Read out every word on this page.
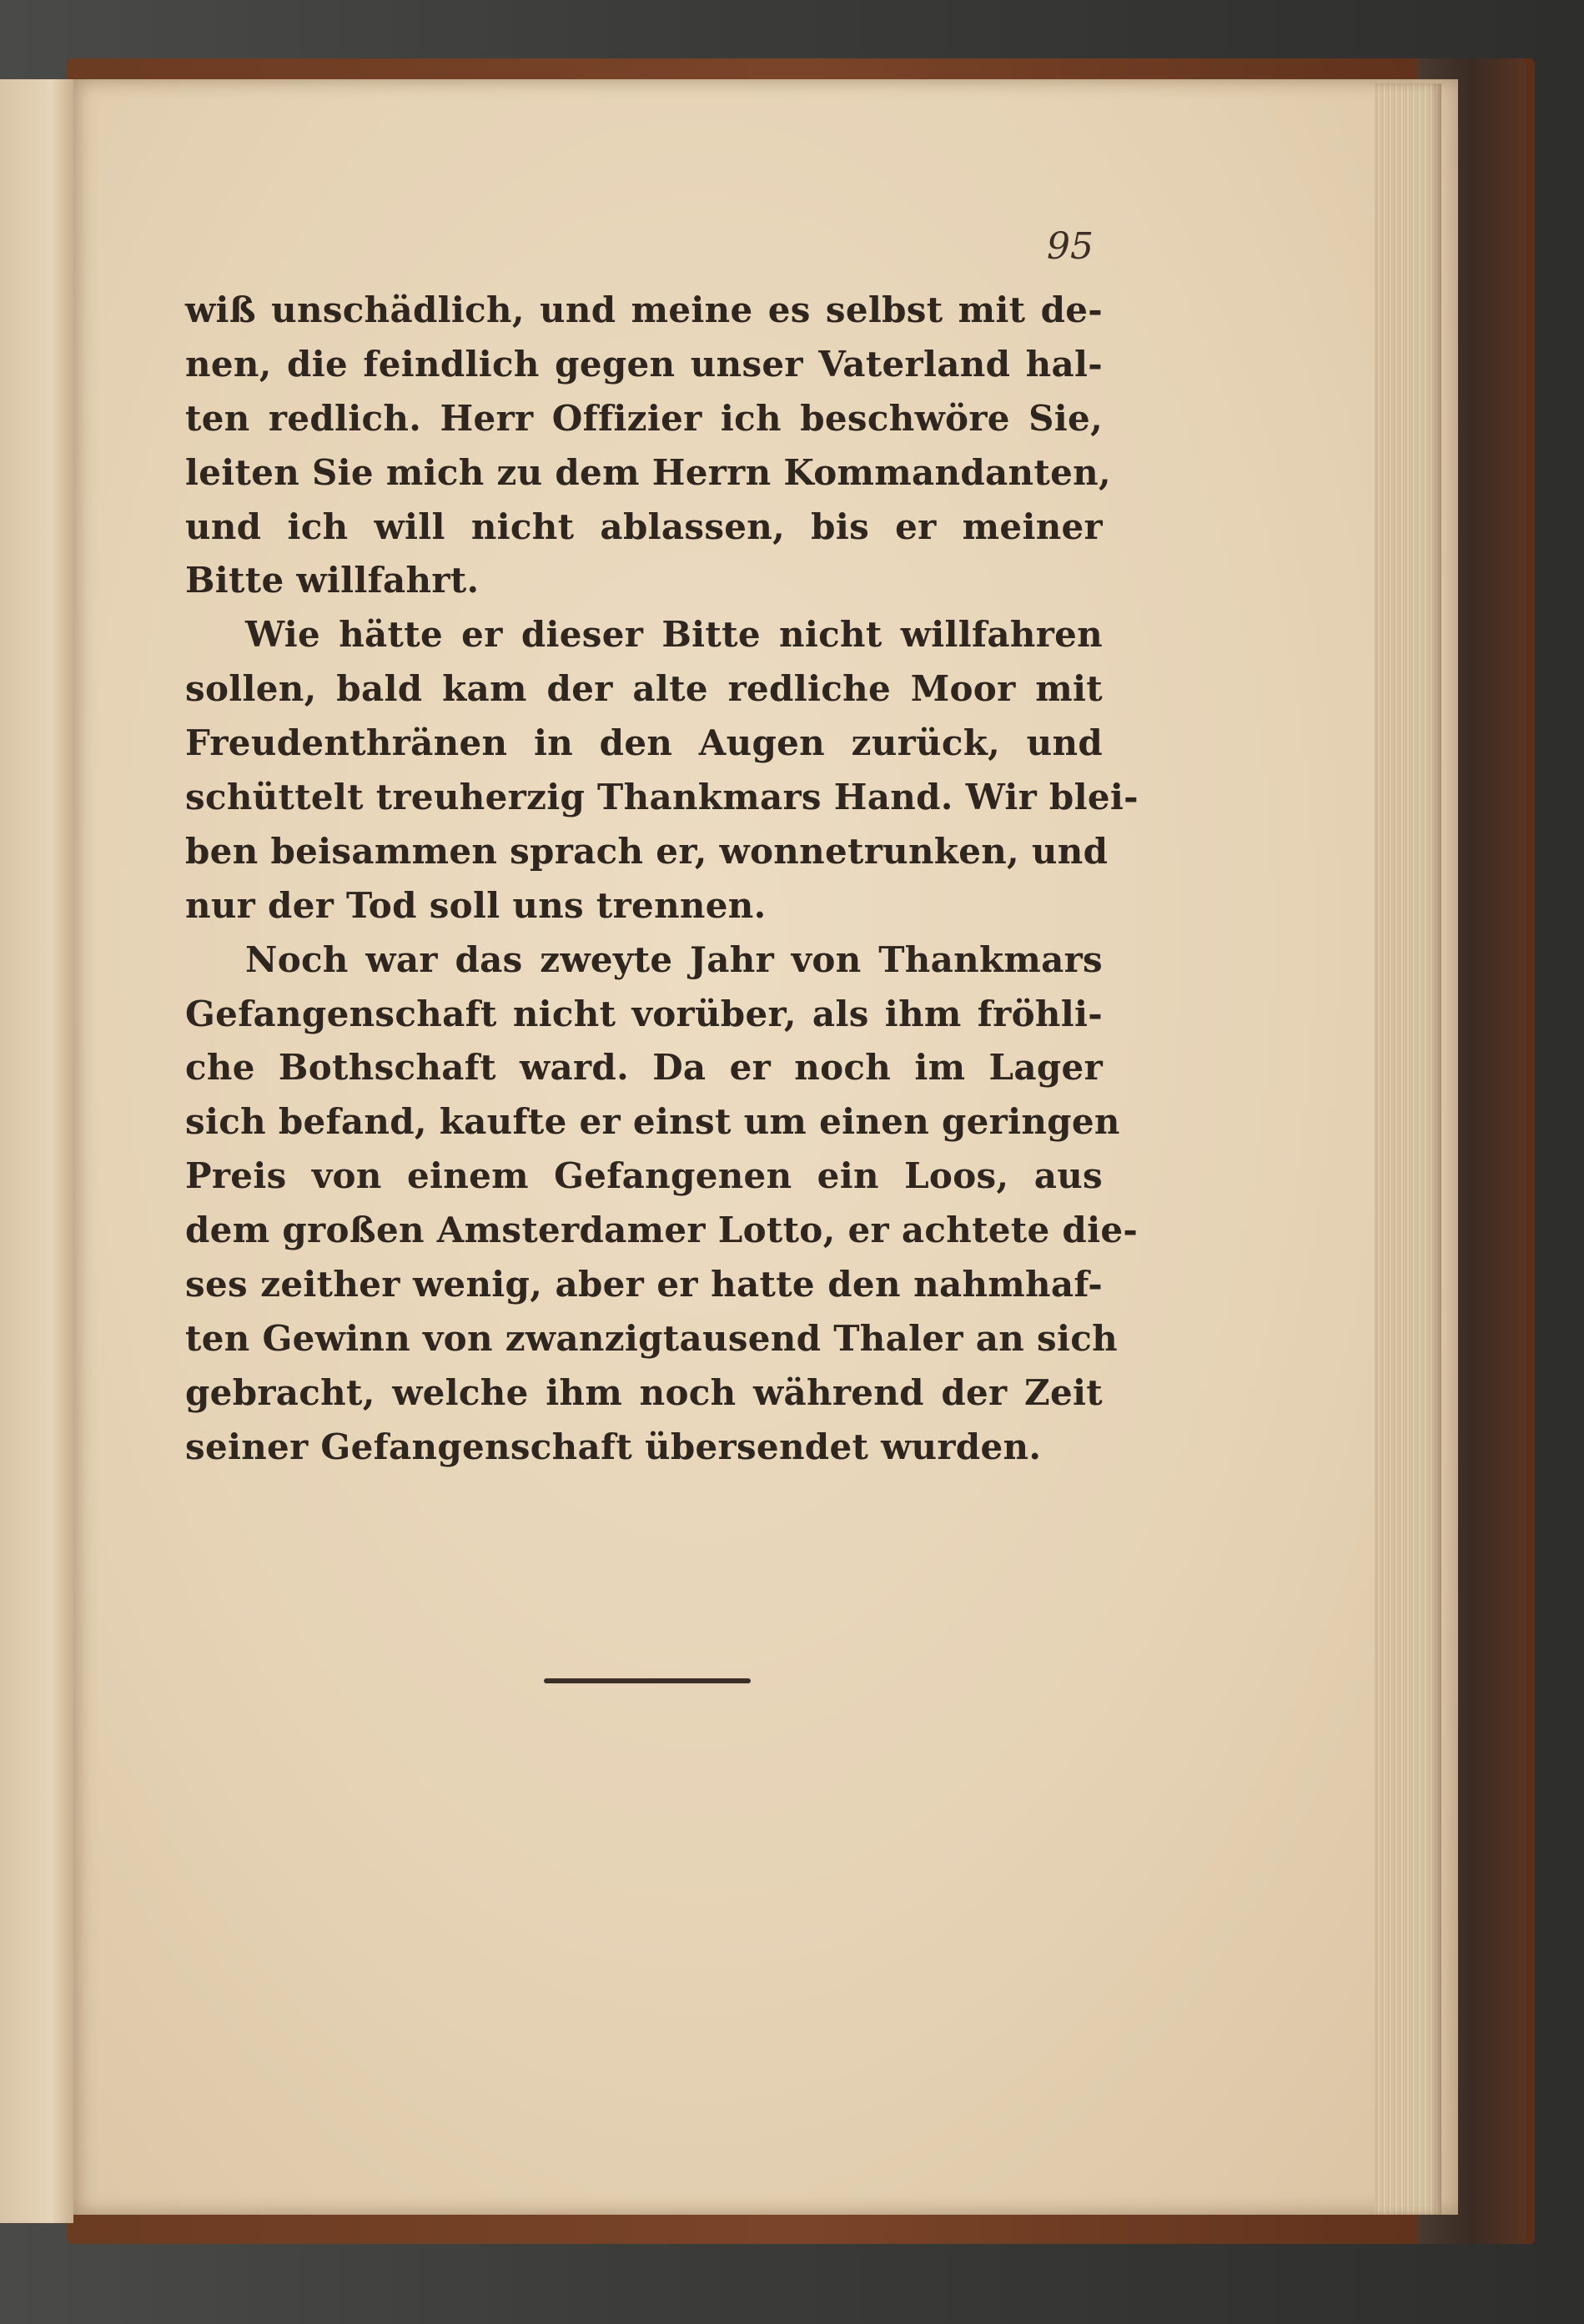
95

wiß unschädlich, und meine es selbst mit de-
nen, die feindlich gegen unser Vaterland hal-
ten redlich. Herr Offizier ich beschwöre Sie,
leiten Sie mich zu dem Herrn Kommandanten,
und ich will nicht ablassen, bis er meiner
Bitte willfahrt.
Wie hätte er dieser Bitte nicht willfahren
sollen, bald kam der alte redliche Moor mit
Freudenthränen in den Augen zurück, und
schüttelt treuherzig Thankmars Hand. Wir blei-
ben beisammen sprach er, wonnetrunken, und
nur der Tod soll uns trennen.
Noch war das zweyte Jahr von Thankmars
Gefangenschaft nicht vorüber, als ihm fröhli-
che Bothschaft ward. Da er noch im Lager
sich befand, kaufte er einst um einen geringen
Preis von einem Gefangenen ein Loos, aus
dem großen Amsterdamer Lotto, er achtete die-
ses zeither wenig, aber er hatte den nahmhaf-
ten Gewinn von zwanzigtausend Thaler an sich
gebracht, welche ihm noch während der Zeit
seiner Gefangenschaft übersendet wurden.
